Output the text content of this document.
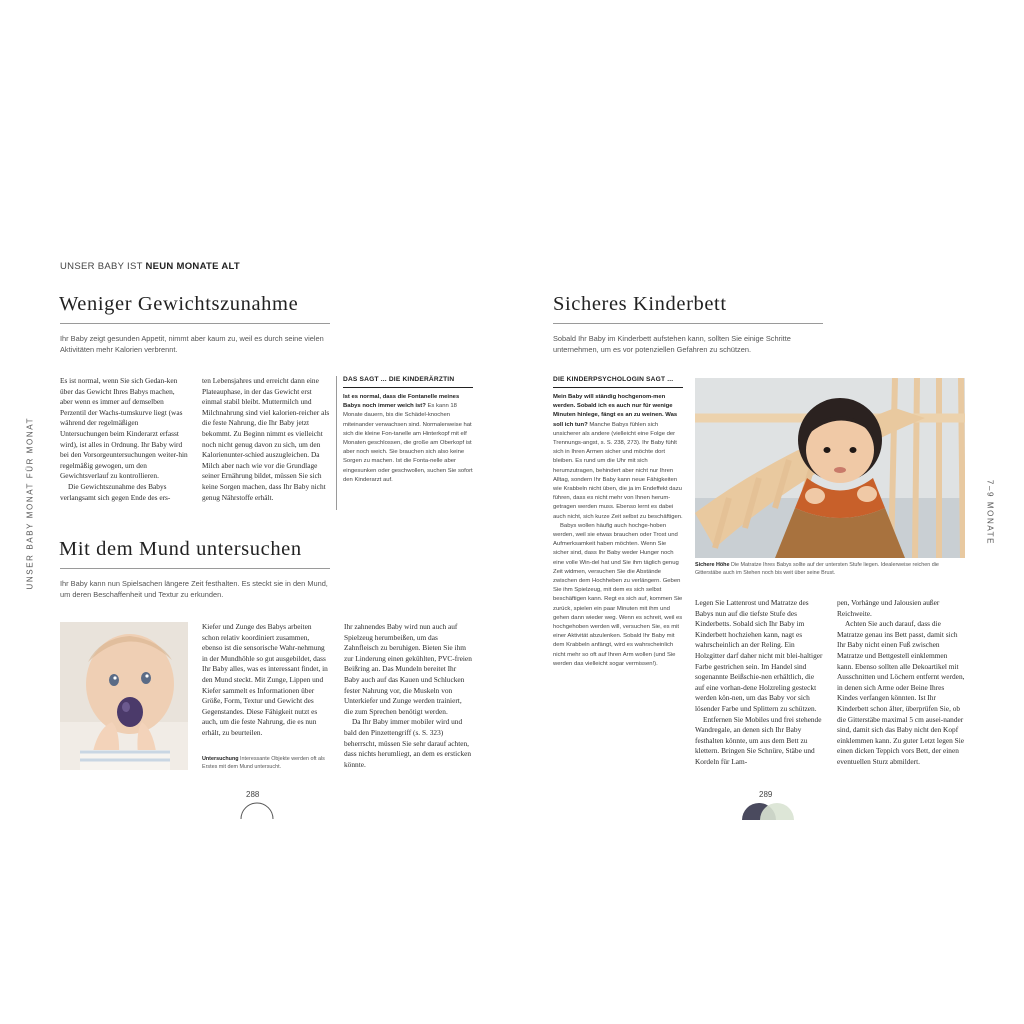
UNSER BABY IST NEUN MONATE ALT
UNSER BABY MONAT FÜR MONAT
Weniger Gewichtszunahme
Ihr Baby zeigt gesunden Appetit, nimmt aber kaum zu, weil es durch seine vielen Aktivitäten mehr Kalorien verbrennt.

Es ist normal, wenn Sie sich Gedan-ken über das Gewicht Ihres Babys machen, aber wenn es immer auf demselben Perzentil der Wachs-tumskurve liegt (was während der regelmäßigen Untersuchungen beim Kinderarzt erfasst wird), ist alles in Ordnung. Ihr Baby wird bei den Vorsorgeuntersuchungen weiter-hin regelmäßig gewogen, um den Gewichtsverlauf zu kontrollieren.

Die Gewichtszunahme des Babys verlangsamt sich gegen Ende des ers-

ten Lebensjahres und erreicht dann eine Plateauphase, in der das Gewicht erst einmal stabil bleibt. Muttermilch und Milchnahrung sind viel kalorien-reicher als die feste Nahrung, die Ihr Baby jetzt bekommt. Zu Beginn nimmt es vielleicht noch nicht genug davon zu sich, um den Kalorienunter-schied auszugleichen. Da Milch aber nach wie vor die Grundlage seiner Ernährung bildet, müssen Sie sich keine Sorgen machen, dass Ihr Baby nicht genug Nährstoffe erhält.

DAS SAGT ... DIE KINDERÄRZTIN

Ist es normal, dass die Fontanelle meines Babys noch immer weich ist? Es kann 18 Monate dauern, bis die Schädel-knochen miteinander verwachsen sind. Normalerweise hat sich die kleine Fon-tanelle am Hinterkopf mit elf Monaten geschlossen, die große am Oberkopf ist aber noch weich. Sie brauchen sich also keine Sorgen zu machen. Ist die Fonta-nelle aber eingesunken oder geschwollen, suchen Sie sofort den Kinderarzt auf.

Mit dem Mund untersuchen
Ihr Baby kann nun Spielsachen längere Zeit festhalten. Es steckt sie in den Mund, um deren Beschaffenheit und Textur zu erkunden.
Untersuchung Interessante Objekte werden oft als Erstes mit dem Mund untersucht.

Kiefer und Zunge des Babys arbeiten schon relativ koordiniert zusammen, ebenso ist die sensorische Wahr-nehmung in der Mundhöhle so gut ausgebildet, dass Ihr Baby alles, was es interessant findet, in den Mund steckt. Mit Zunge, Lippen und Kiefer sammelt es Informationen über Größe, Form, Textur und Gewicht des Gegenstandes. Diese Fähigkeit nutzt es auch, um die feste Nahrung, die es nun erhält, zu beurteilen.

Ihr zahnendes Baby wird nun auch auf Spielzeug herumbeißen, um das Zahnfleisch zu beruhigen. Bieten Sie ihm zur Linderung einen gekühlten, PVC-freien Beißring an. Das Mundeln bereitet Ihr Baby auch auf das Kauen und Schlucken fester Nahrung vor, die Muskeln von Unterkiefer und Zunge werden trainiert, die zum Sprechen benötigt werden.

Da Ihr Baby immer mobiler wird und bald den Pinzettengriff (s. S. 323) beherrscht, müssen Sie sehr darauf achten, dass nichts herumliegt, an dem es ersticken könnte.

288
7–9 MONATE
Sicheres Kinderbett
Sobald Ihr Baby im Kinderbett aufstehen kann, sollten Sie einige Schritte unternehmen, um es vor potenziellen Gefahren zu schützen.
DIE KINDERPSYCHOLOGIN SAGT ...

Mein Baby will ständig hochgenom-men werden. Sobald ich es auch nur für wenige Minuten hinlege, fängt es an zu weinen. Was soll ich tun? Manche Babys fühlen sich unsicherer als andere (vielleicht eine Folge der Trennungs-angst, s. S. 238, 273). Ihr Baby fühlt sich in Ihren Armen sicher und möchte dort bleiben. Es rund um die Uhr mit sich herumzutragen, behindert aber nicht nur Ihren Alltag, sondern Ihr Baby kann neue Fähigkeiten wie Krabbeln nicht üben, die ja im Endeffekt dazu führen, dass es nicht mehr von Ihnen herum-getragen werden muss. Ebenso lernt es dabei auch nicht, sich kurze Zeit selbst zu beschäftigen.

Babys wollen häufig auch hochge-hoben werden, weil sie etwas brauchen oder Trost und Aufmerksamkeit haben möchten. Wenn Sie sicher sind, dass Ihr Baby weder Hunger noch eine volle Win-del hat und Sie ihm täglich genug Zeit widmen, versuchen Sie die Abstände zwischen dem Hochheben zu verlängern. Geben Sie ihm Spielzeug, mit dem es sich selbst beschäftigen kann. Regt es sich auf, kommen Sie zurück, spielen ein paar Minuten mit ihm und gehen dann wieder weg. Wenn es schreit, weil es hochgehoben werden will, versuchen Sie, es mit einer Aktivität abzulenken. Sobald Ihr Baby mit dem Krabbeln anfängt, wird es wahrscheinlich nicht mehr so oft auf Ihren Arm wollen (und Sie werden das vielleicht sogar vermissen!).

Sichere Höhe Die Matratze Ihres Babys sollte auf der untersten Stufe liegen. Idealerweise reichen die Gitterstäbe auch im Stehen noch bis weit über seine Brust.

Legen Sie Lattenrost und Matratze des Babys nun auf die tiefste Stufe des Kinderbetts. Sobald sich Ihr Baby im Kinderbett hochziehen kann, nagt es wahrscheinlich an der Reling. Ein Holzgitter darf daher nicht mit blei-haltiger Farbe gestrichen sein. Im Handel sind sogenannte Beißschie-nen erhältlich, die auf eine vorhan-dene Holzreling gesteckt werden kön-nen, um das Baby vor sich lösender Farbe und Splittern zu schützen.

Entfernen Sie Mobiles und frei stehende Wandregale, an denen sich Ihr Baby festhalten könnte, um aus dem Bett zu klettern. Bringen Sie Schnüre, Stäbe und Kordeln für Lam-

pen, Vorhänge und Jalousien außer Reichweite.

Achten Sie auch darauf, dass die Matratze genau ins Bett passt, damit sich Ihr Baby nicht einen Fuß zwischen Matratze und Bettgestell einklemmen kann. Ebenso sollten alle Dekoartikel mit Ausschnitten und Löchern entfernt werden, in denen sich Arme oder Beine Ihres Kindes verfangen könnten. Ist Ihr Kinderbett schon älter, überprüfen Sie, ob die Gitterstäbe maximal 5 cm ausei-nander sind, damit sich das Baby nicht den Kopf einklemmen kann. Zu guter Letzt legen Sie einen dicken Teppich vors Bett, der einen eventuellen Sturz abmildert.

289
